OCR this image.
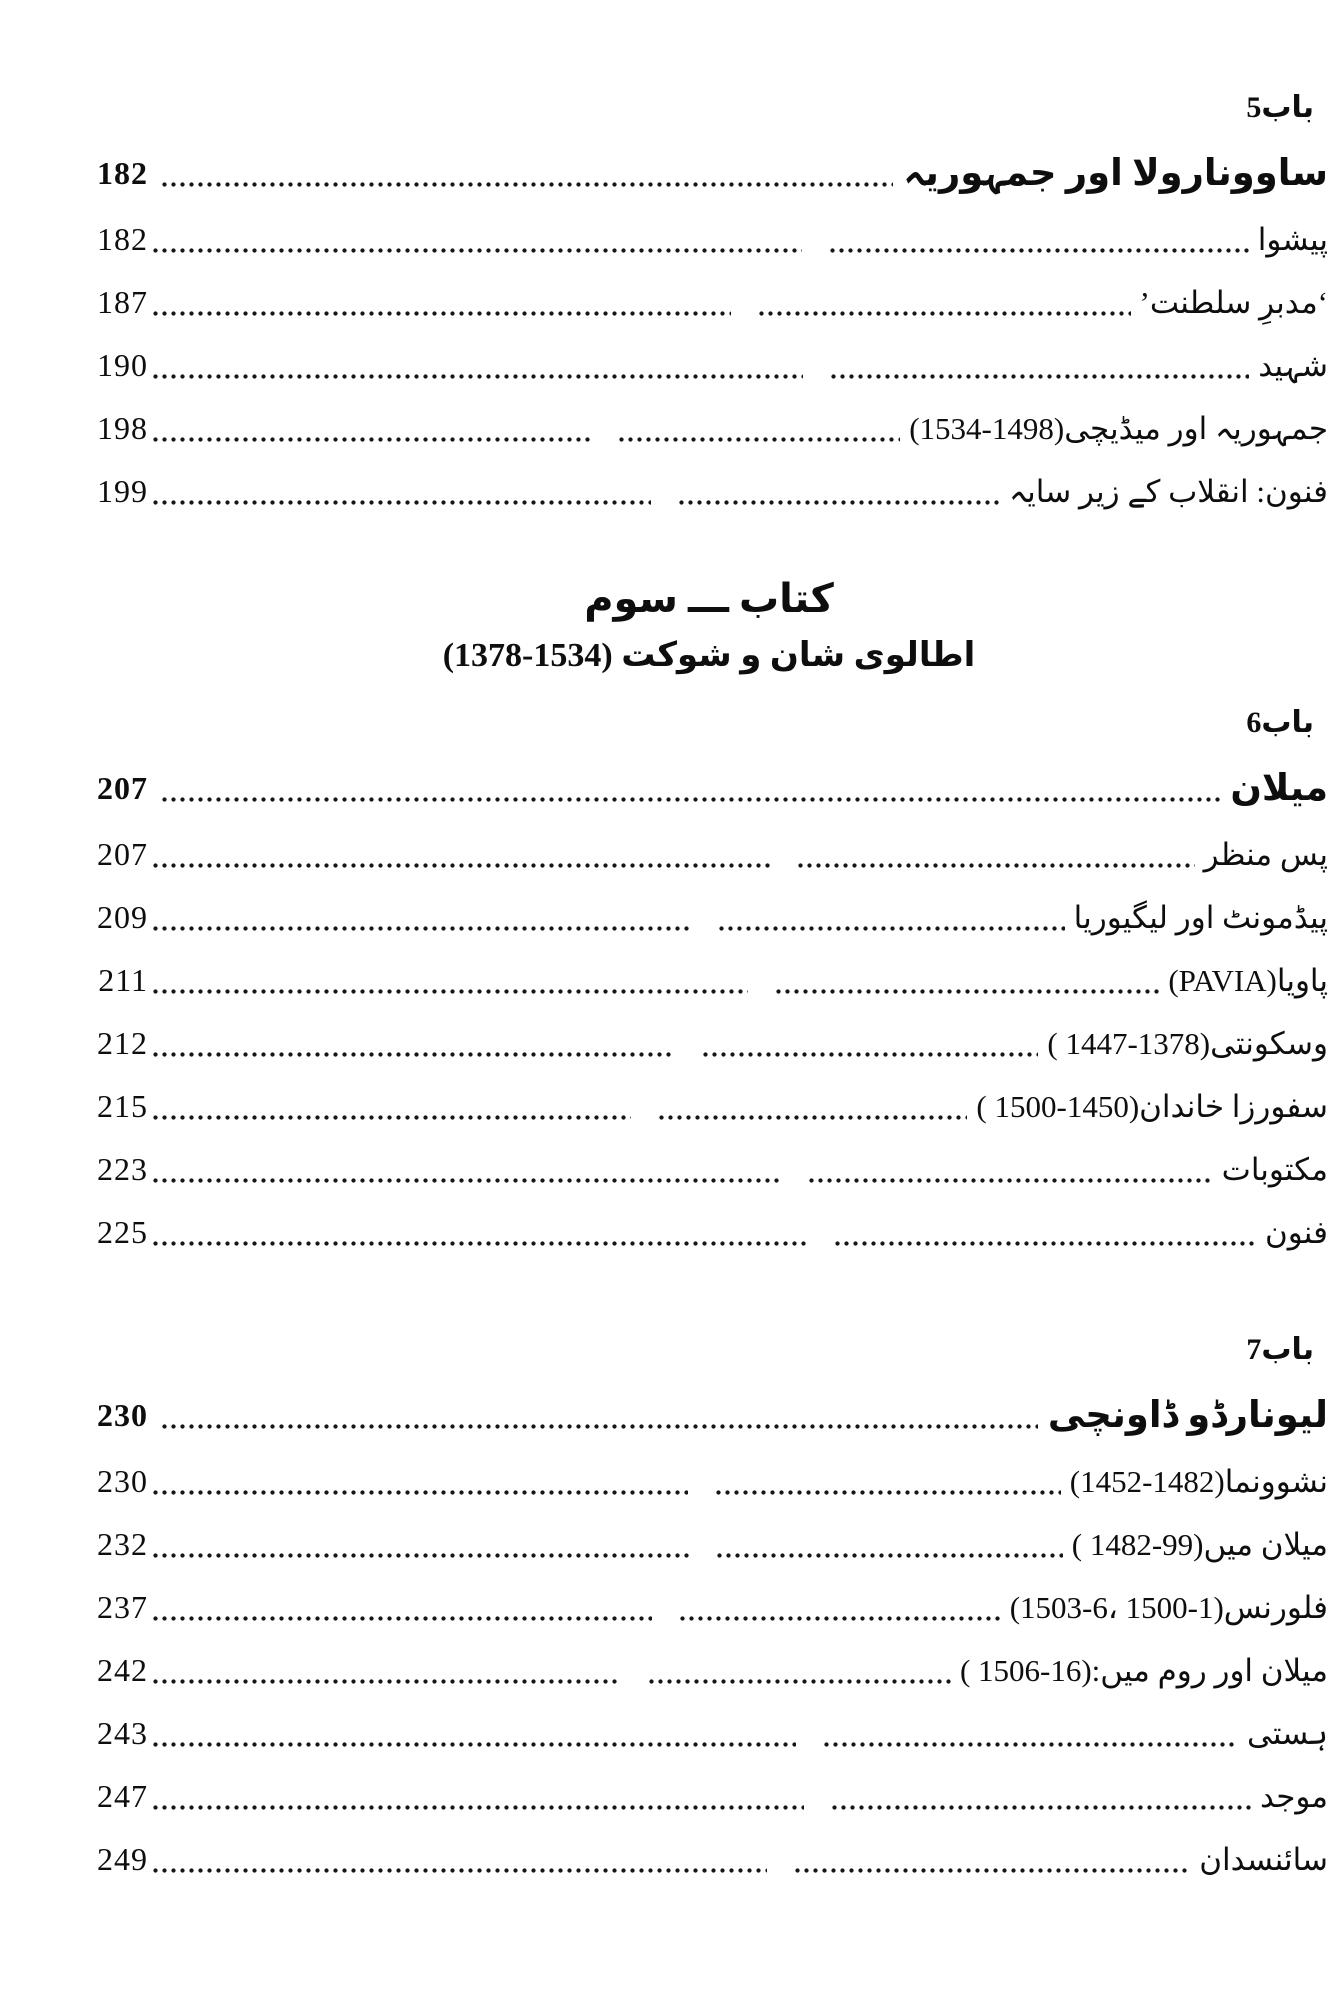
باب5
ساوونارولا اور جمہوریہ
182
پیشوا
182
‘مدبرِ سلطنت’
187
شہید
190
جمہوریہ اور میڈیچی(1498-1534)
198
فنون: انقلاب کے زیر سایہ
199
کتاب ـــ سوم
اطالوی شان و شوکت (1534-1378)
باب6
میلان
207
پس منظر
207
پیڈمونٹ اور لیگیوریا
209
پاویا(PAVIA)
211
وسکونتی(1378-1447 )
212
سفورزا خاندان(1450-1500 )
215
مکتوبات
223
فنون
225
باب7
لیونارڈو ڈاونچی
230
نشوونما(1482-1452)
230
میلان میں(99-1482 )
232
فلورنس(1-1500 ،6-1503)
237
میلان اور روم میں:(16-1506 )
242
ہستی
243
موجد
247
سائنسدان
249
